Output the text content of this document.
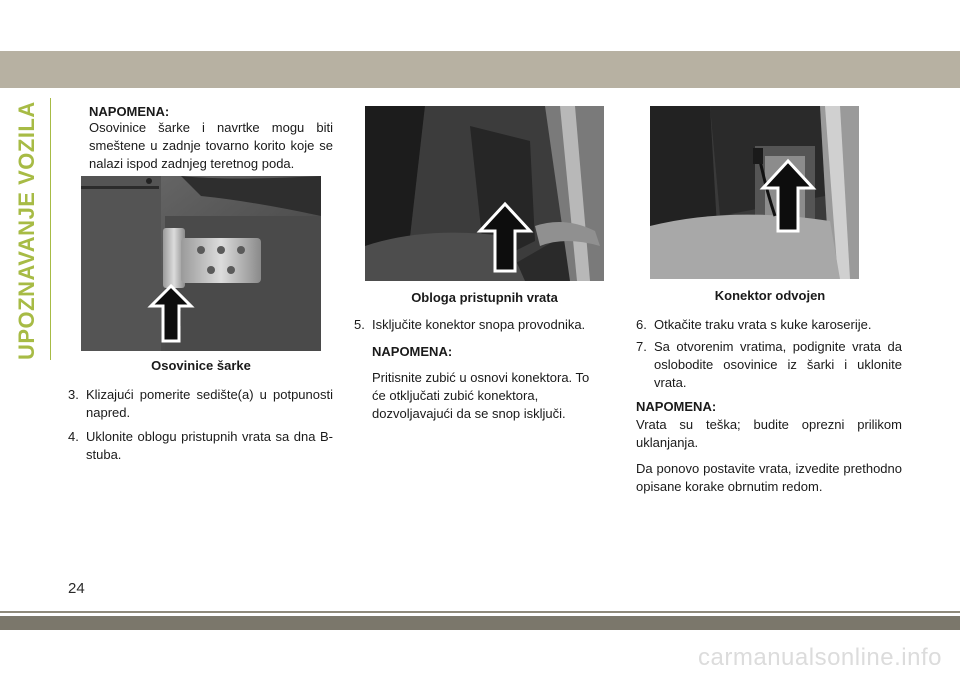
UPOZNAVANJE VOZILA	NAPOMENA:
Osovinice šarke i navrtke mogu biti smeštene u zadnje tovarno korito koje se nalazi ispod zadnjeg teretnog poda.
Osovinice šarke
3. Klizajući pomerite sedište(a) u potpunosti napred.
4. Uklonite oblogu pristupnih vrata sa dna B-stuba.
Obloga pristupnih vrata
5. Isključite konektor snopa provodnika.
NAPOMENA:
Pritisnite zubić u osnovi konektora. To će otključati zubić konektora, dozvoljavajući da se snop isključi.
Konektor odvojen
6. Otkačite traku vrata s kuke karoserije.
7. Sa otvorenim vratima, podignite vrata da oslobodite osovinice iz šarki i uklonite vrata.
NAPOMENA:
Vrata su teška; budite oprezni prilikom uklanjanja.
Da ponovo postavite vrata, izvedite prethodno opisane korake obrnutim redom.
24
carmanualsonline.info
